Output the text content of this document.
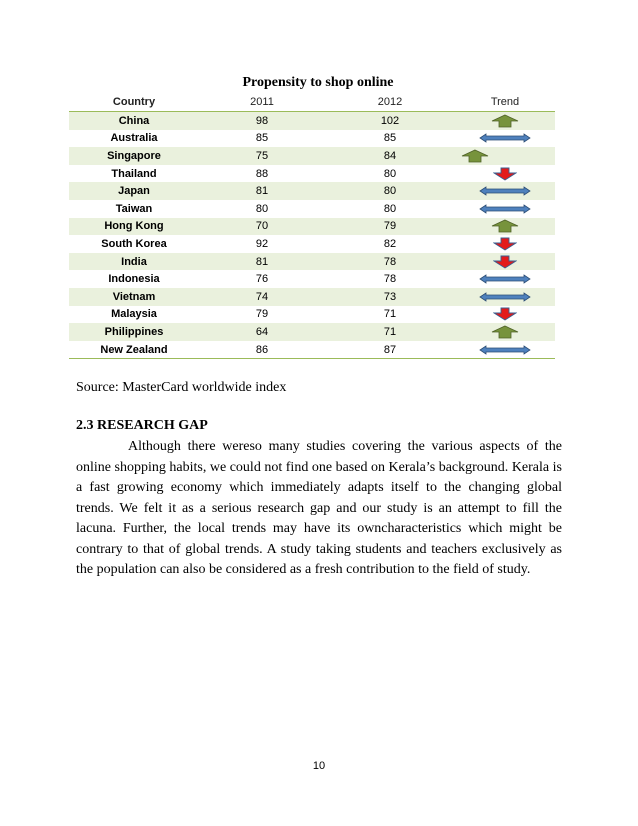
Propensity to shop online
Country	2011	2012	Trend
China	98	102	

Australia	85	85	

Singapore	75	84	

Thailand	88	80	

Japan	81	80	

Taiwan	80	80	

Hong Kong	70	79	

South Korea	92	82	

India	81	78	

Indonesia	76	78	

Vietnam	74	73	

Malaysia	79	71	

Philippines	64	71	

New Zealand	86	87	
Source: MasterCard worldwide index
2.3 RESEARCH GAP

Although there wereso many studies covering the various aspects of the online shopping habits, we could not find one based on Kerala’s background. Kerala is a fast growing economy which immediately adapts itself to the changing global trends. We felt it as a serious research gap and our study is an attempt to fill the lacuna. Further, the local trends may have its owncharacteristics which might be contrary to that of global trends. A study taking students and teachers exclusively as the population can also be considered as a fresh contribution to the field of study.

10
